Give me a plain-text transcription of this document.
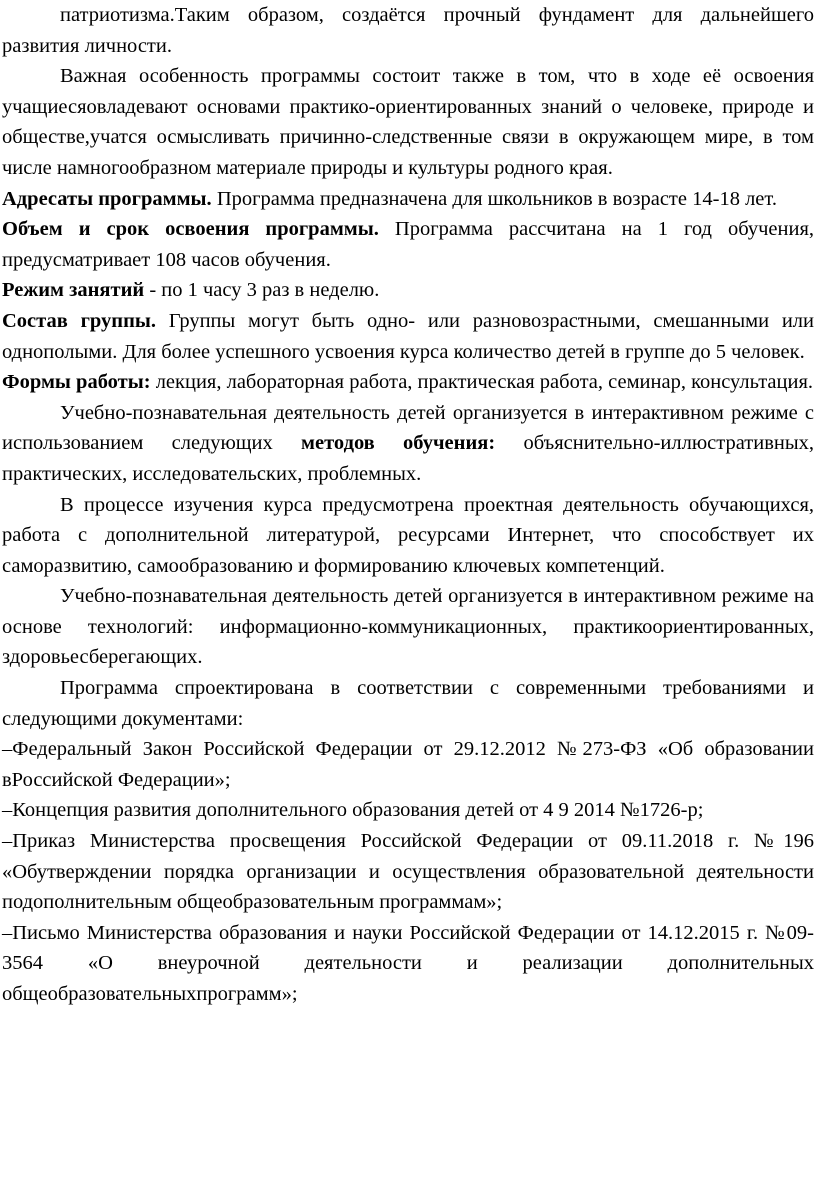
патриотизма.Таким образом, создаётся прочный фундамент для дальнейшего развития личности.

Важная особенность программы состоит также в том, что в ходе её освоения учащиесяовладевают основами практико-ориентированных знаний о человеке, природе и обществе,учатся осмысливать причинно-следственные связи в окружающем мире, в том числе намногообразном материале природы и культуры родного края.

Адресаты программы. Программа предназначена для школьников в возрасте 14-18 лет.

Объем и срок освоения программы. Программа рассчитана на 1 год обучения, предусматривает 108 часов обучения.

Режим занятий - по 1 часу 3 раз в неделю.

Состав группы. Группы могут быть одно- или разновозрастными, смешанными или однополыми. Для более успешного усвоения курса количество детей в группе до 5 человек.

Формы работы: лекция, лабораторная работа, практическая работа, семинар, консультация.

Учебно-познавательная деятельность детей организуется в интерактивном режиме с использованием следующих методов обучения: объяснительно-иллюстративных, практических, исследовательских, проблемных.

В процессе изучения курса предусмотрена проектная деятельность обучающихся, работа с дополнительной литературой, ресурсами Интернет, что способствует их саморазвитию, самообразованию и формированию ключевых компетенций.

Учебно-познавательная деятельность детей организуется в интерактивном режиме на основе технологий: информационно-коммуникационных, практикоориентированных, здоровьесберегающих.

Программа спроектирована в соответствии с современными требованиями и следующими документами:

–Федеральный Закон Российской Федерации от 29.12.2012 №273-ФЗ «Об образовании вРоссийской Федерации»;

–Концепция развития дополнительного образования детей от 4 9 2014 №1726-р;

–Приказ Министерства просвещения Российской Федерации от 09.11.2018 г. №196 «Обутверждении порядка организации и осуществления образовательной деятельности подополнительным общеобразовательным программам»;

–Письмо Министерства образования и науки Российской Федерации от 14.12.2015 г. №09-3564 «О внеурочной деятельности и реализации дополнительных общеобразовательныхпрограмм»;
